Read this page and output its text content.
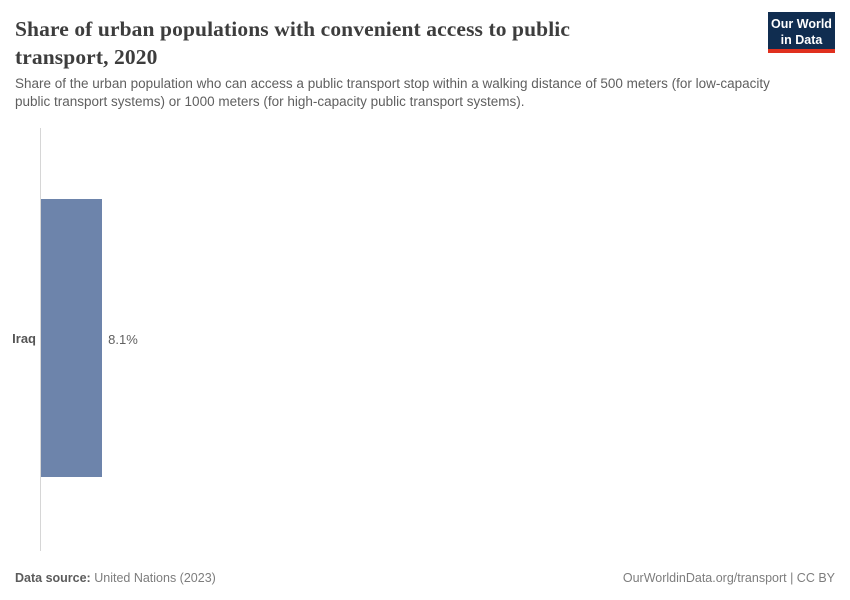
Share of urban populations with convenient access to public transport, 2020

Share of the urban population who can access a public transport stop within a walking distance of 500 meters (for low-capacity public transport systems) or 1000 meters (for high-capacity public transport systems).

Our World
in Data
Iraq	8.1%
Data source: United Nations (2023)	OurWorldinData.org/transport | CC BY
